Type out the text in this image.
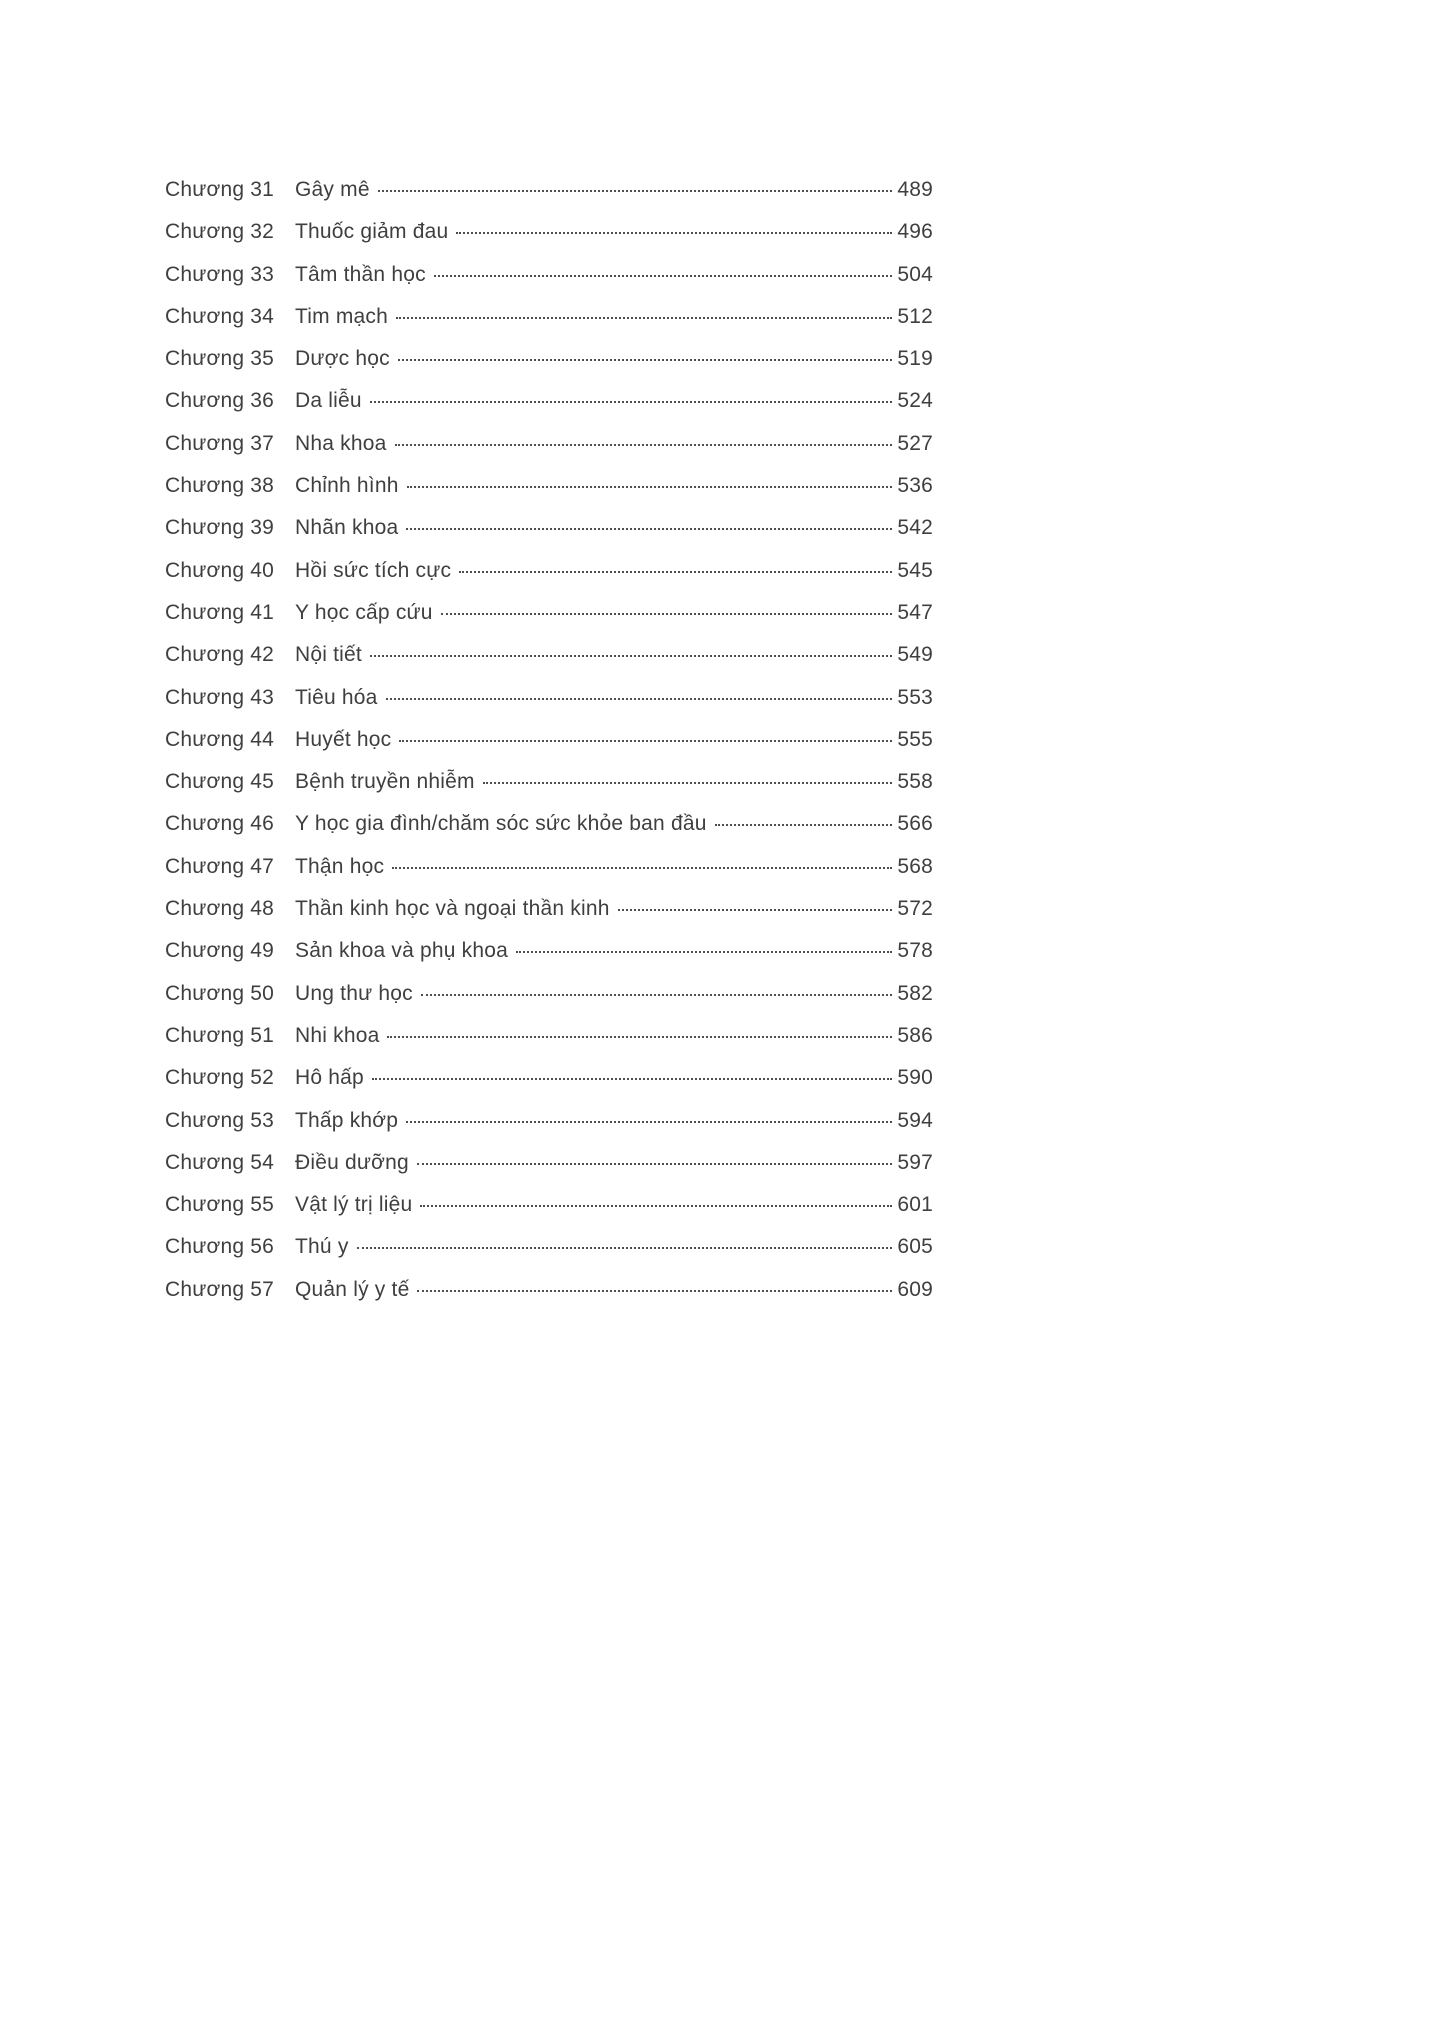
Chương 31 Gây mê	489
Chương 32 Thuốc giảm đau	496
Chương 33 Tâm thần học	504
Chương 34 Tim mạch	512
Chương 35 Dược học	519
Chương 36 Da liễu	524
Chương 37 Nha khoa	527
Chương 38 Chỉnh hình	536
Chương 39 Nhãn khoa	542
Chương 40 Hồi sức tích cực	545
Chương 41 Y học cấp cứu	547
Chương 42 Nội tiết	549
Chương 43 Tiêu hóa	553
Chương 44 Huyết học	555
Chương 45 Bệnh truyền nhiễm	558
Chương 46 Y học gia đình/chăm sóc sức khỏe ban đầu	566
Chương 47 Thận học	568
Chương 48 Thần kinh học và ngoại thần kinh	572
Chương 49 Sản khoa và phụ khoa	578
Chương 50 Ung thư học	582
Chương 51 Nhi khoa	586
Chương 52 Hô hấp	590
Chương 53 Thấp khớp	594
Chương 54 Điều dưỡng	597
Chương 55 Vật lý trị liệu	601
Chương 56 Thú y	605
Chương 57 Quản lý y tế	609
